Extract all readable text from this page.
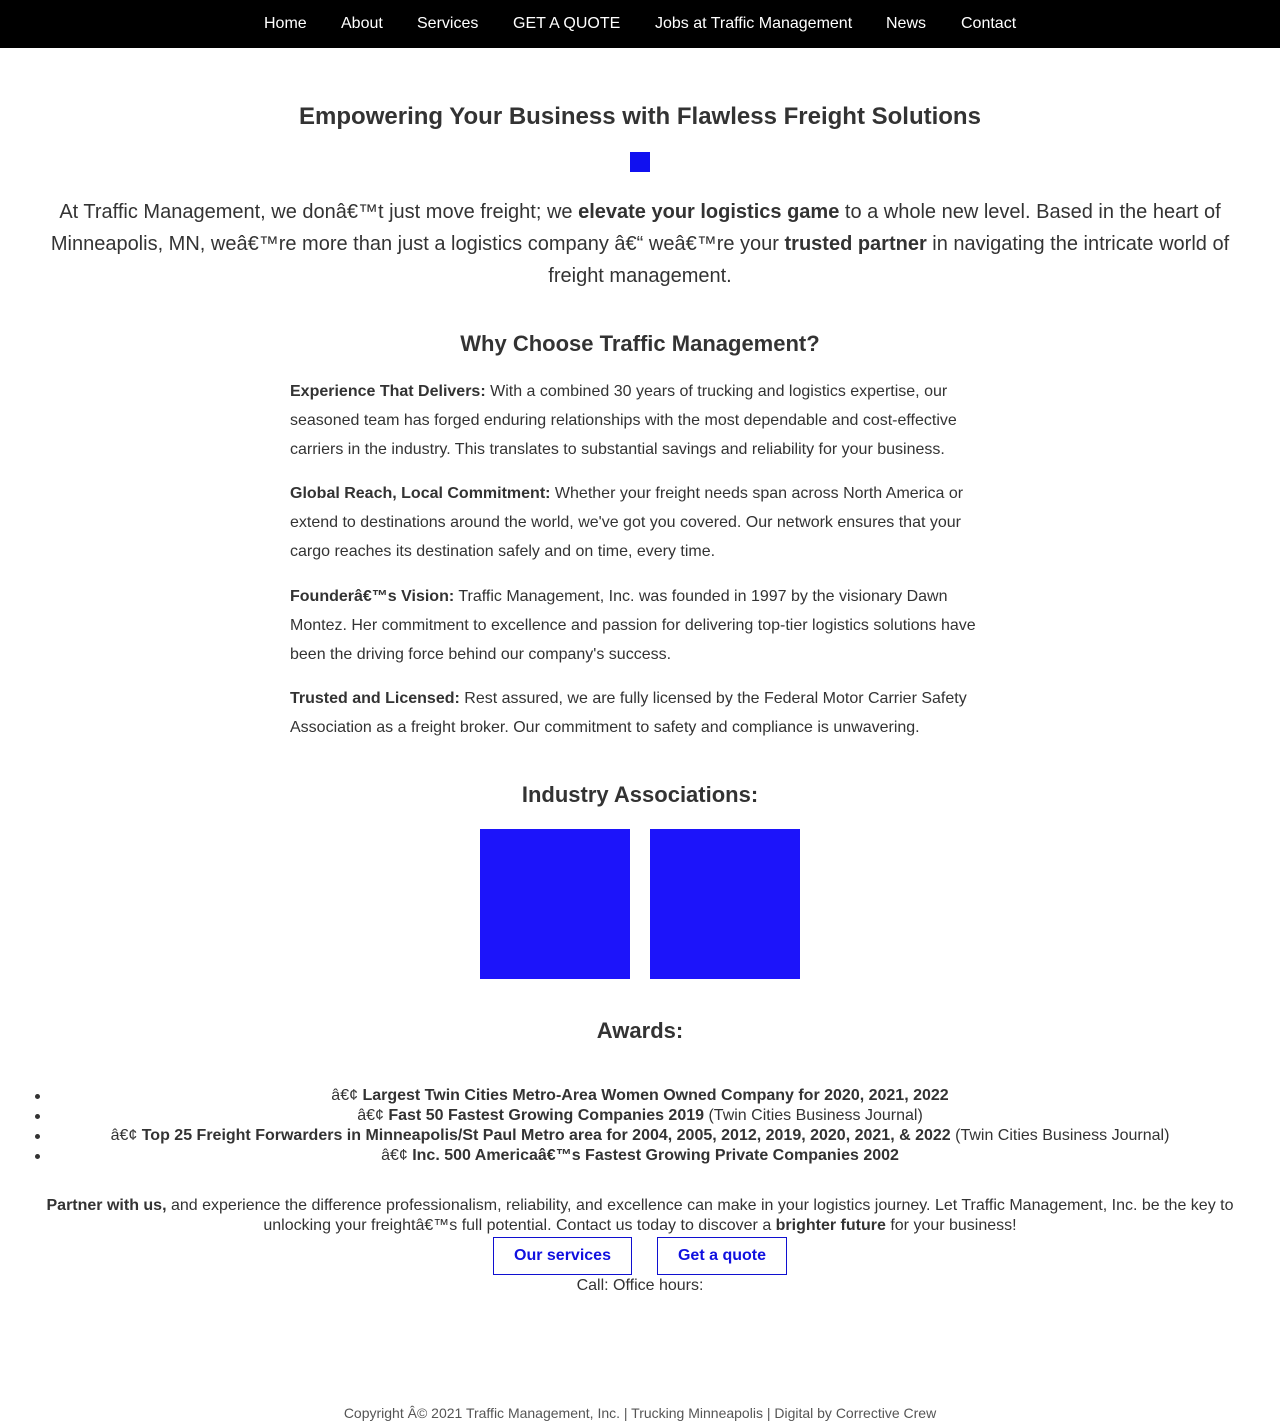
Home About Services GET A QUOTE Jobs at Traffic Management News Contact
Empowering Your Business with Flawless Freight Solutions
At Traffic Management, we donâ€™t just move freight; we elevate your logistics game to a whole new level. Based in the heart of Minneapolis, MN, weâ€™re more than just a logistics company â€“ weâ€™re your trusted partner in navigating the intricate world of freight management.
Why Choose Traffic Management?
Experience That Delivers: With a combined 30 years of trucking and logistics expertise, our seasoned team has forged enduring relationships with the most dependable and cost-effective carriers in the industry. This translates to substantial savings and reliability for your business.
Global Reach, Local Commitment: Whether your freight needs span across North America or extend to destinations around the world, we've got you covered. Our network ensures that your cargo reaches its destination safely and on time, every time.
Founderâ€™s Vision: Traffic Management, Inc. was founded in 1997 by the visionary Dawn Montez. Her commitment to excellence and passion for delivering top-tier logistics solutions have been the driving force behind our company's success.
Trusted and Licensed: Rest assured, we are fully licensed by the Federal Motor Carrier Safety Association as a freight broker. Our commitment to safety and compliance is unwavering.
Industry Associations:
Awards:
â€¢ Largest Twin Cities Metro-Area Women Owned Company for 2020, 2021, 2022
â€¢ Fast 50 Fastest Growing Companies 2019 (Twin Cities Business Journal)
â€¢ Top 25 Freight Forwarders in Minneapolis/St Paul Metro area for 2004, 2005, 2012, 2019, 2020, 2021, & 2022 (Twin Cities Business Journal)
â€¢ Inc. 500 Americaâ€™s Fastest Growing Private Companies 2002
Partner with us, and experience the difference professionalism, reliability, and excellence can make in your logistics journey. Let Traffic Management, Inc. be the key to unlocking your freightâ€™s full potential. Contact us today to discover a brighter future for your business!
Our services	Get a quote
Call: Office hours:
Copyright Â© 2021 Traffic Management, Inc. | Trucking Minneapolis | Digital by Corrective Crew
